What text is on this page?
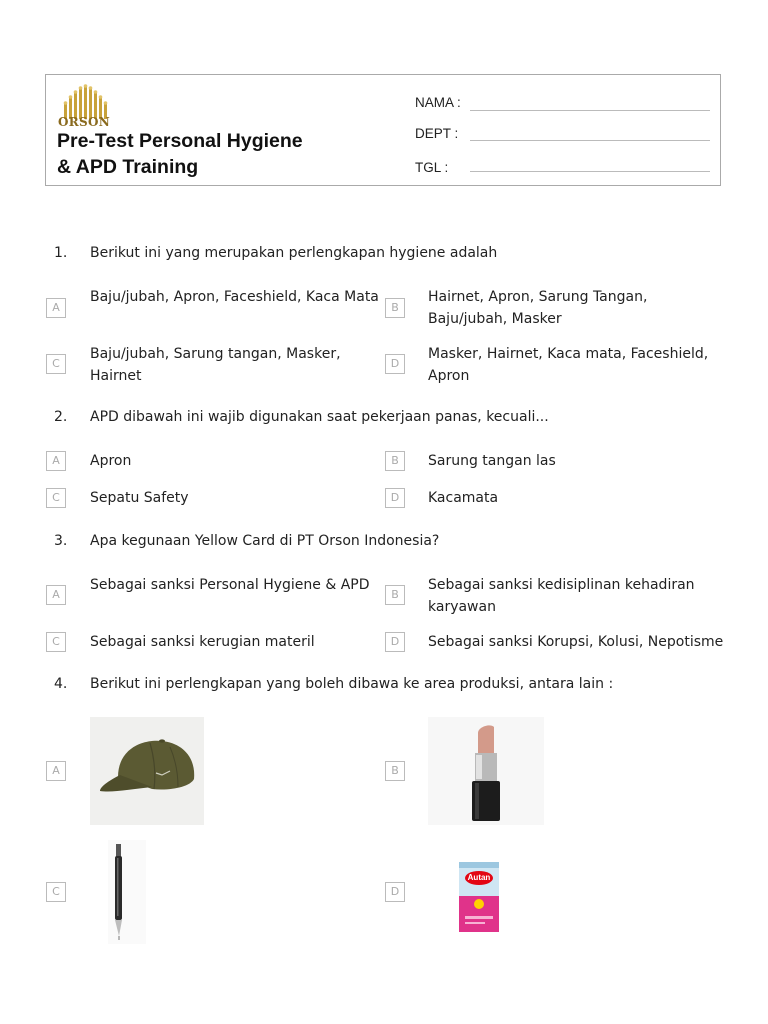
ORSON
Pre-Test Personal Hygiene
& APD Training
NAMA :
DEPT :
TGL :
1.	Berikut ini yang merupakan perlengkapan hygiene adalah
A
Baju/jubah, Apron, Faceshield, Kaca Mata
B
Hairnet, Apron, Sarung Tangan, Baju/jubah, Masker
C
Baju/jubah, Sarung tangan, Masker, Hairnet
D
Masker, Hairnet, Kaca mata, Faceshield, Apron
2.	APD dibawah ini wajib digunakan saat pekerjaan panas, kecuali...
A	Apron	B	Sarung tangan las
C	Sepatu Safety	D	Kacamata
3.	Apa kegunaan Yellow Card di PT Orson Indonesia?
A
Sebagai sanksi Personal Hygiene & APD
B
Sebagai sanksi kedisiplinan kehadiran karyawan
C	Sebagai sanksi kerugian materil	D	Sebagai sanksi Korupsi, Kolusi, Nepotisme
4.	Berikut ini perlengkapan yang boleh dibawa ke area produksi, antara lain :
A	B
C	D
Autan
